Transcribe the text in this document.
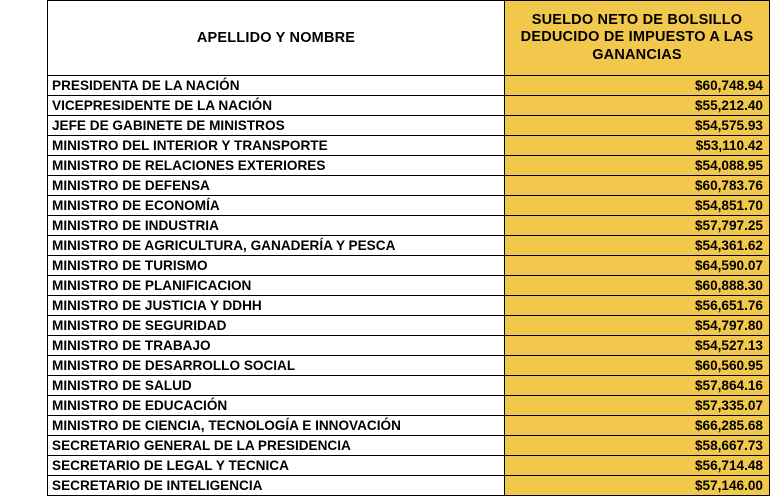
APELLIDO Y NOMBRE	SUELDO NETO DE BOLSILLO DEDUCIDO DE IMPUESTO A LAS GANANCIAS
PRESIDENTA DE LA NACIÓN	$60,748.94
VICEPRESIDENTE DE LA NACIÓN	$55,212.40
JEFE DE GABINETE DE MINISTROS	$54,575.93
MINISTRO DEL INTERIOR Y TRANSPORTE	$53,110.42
MINISTRO DE RELACIONES EXTERIORES	$54,088.95
MINISTRO DE DEFENSA	$60,783.76
MINISTRO DE ECONOMÍA	$54,851.70
MINISTRO DE INDUSTRIA	$57,797.25
MINISTRO DE AGRICULTURA, GANADERÍA Y PESCA	$54,361.62
MINISTRO DE TURISMO	$64,590.07
MINISTRO DE PLANIFICACION	$60,888.30
MINISTRO DE JUSTICIA Y DDHH	$56,651.76
MINISTRO DE SEGURIDAD	$54,797.80
MINISTRO DE TRABAJO	$54,527.13
MINISTRO DE DESARROLLO SOCIAL	$60,560.95
MINISTRO DE SALUD	$57,864.16
MINISTRO DE EDUCACIÓN	$57,335.07
MINISTRO DE CIENCIA, TECNOLOGÍA E INNOVACIÓN	$66,285.68
SECRETARIO GENERAL DE LA PRESIDENCIA	$58,667.73
SECRETARIO DE LEGAL Y TECNICA	$56,714.48
SECRETARIO DE INTELIGENCIA	$57,146.00
